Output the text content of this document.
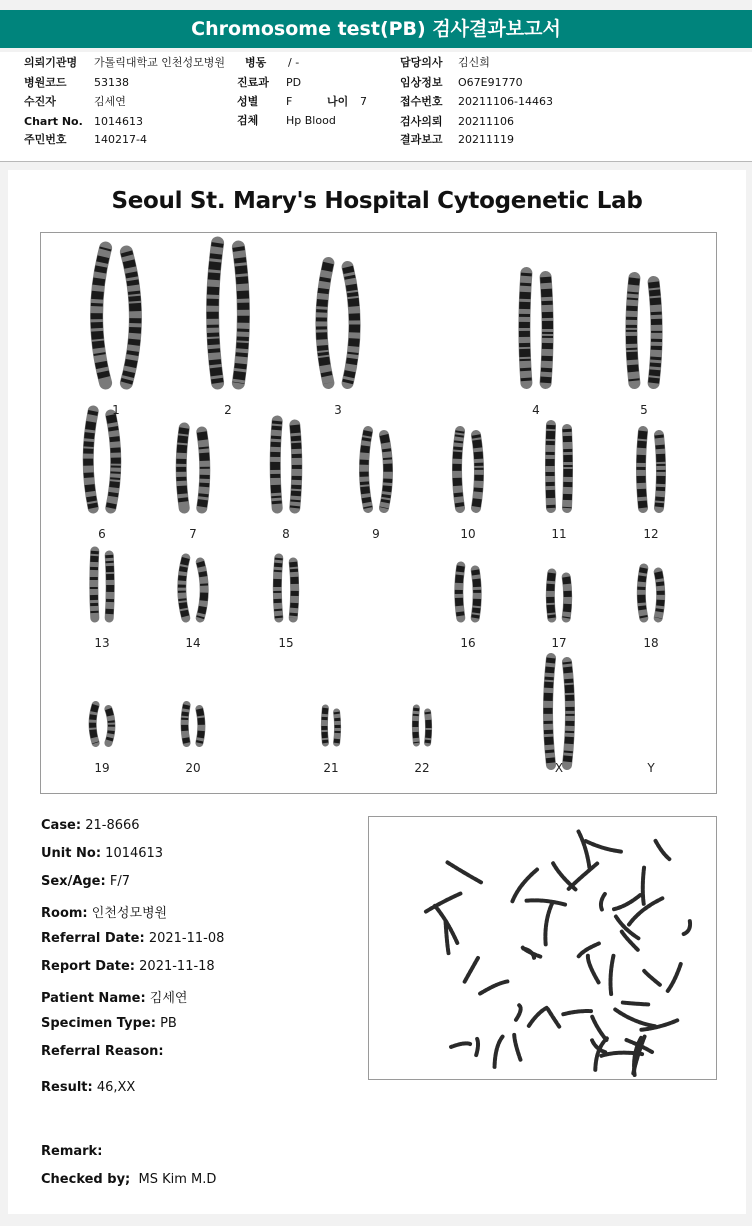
Chromosome test(PB) 검사결과보고서
의뢰기관명 가톨릭대학교 인천성모병원 병동 / -	담당의사 김신희
병원코드 53138	진료과 PD	임상정보 O67E91770
수진자	김세연	성별	F	나이 7	접수번호 20211106-14463
Chart No. 1014613	검체	Hp Blood	검사의뢰 20211106
주민번호 140217-4	결과보고 20211119
Seoul St. Mary's Hospital Cytogenetic Lab
1	2	3	4	5
6	7	8	9	10	11	12
13	14	15	16	17	18
19	20	21	22	X	Y
Case: 21-8666
Unit No: 1014613
Sex/Age: F/7
Room: 인천성모병원
Referral Date: 2021-11-08
Report Date: 2021-11-18
Patient Name: 김세연
Specimen Type: PB
Referral Reason:
Result: 46,XX
Remark:
Checked by; MS Kim M.D
